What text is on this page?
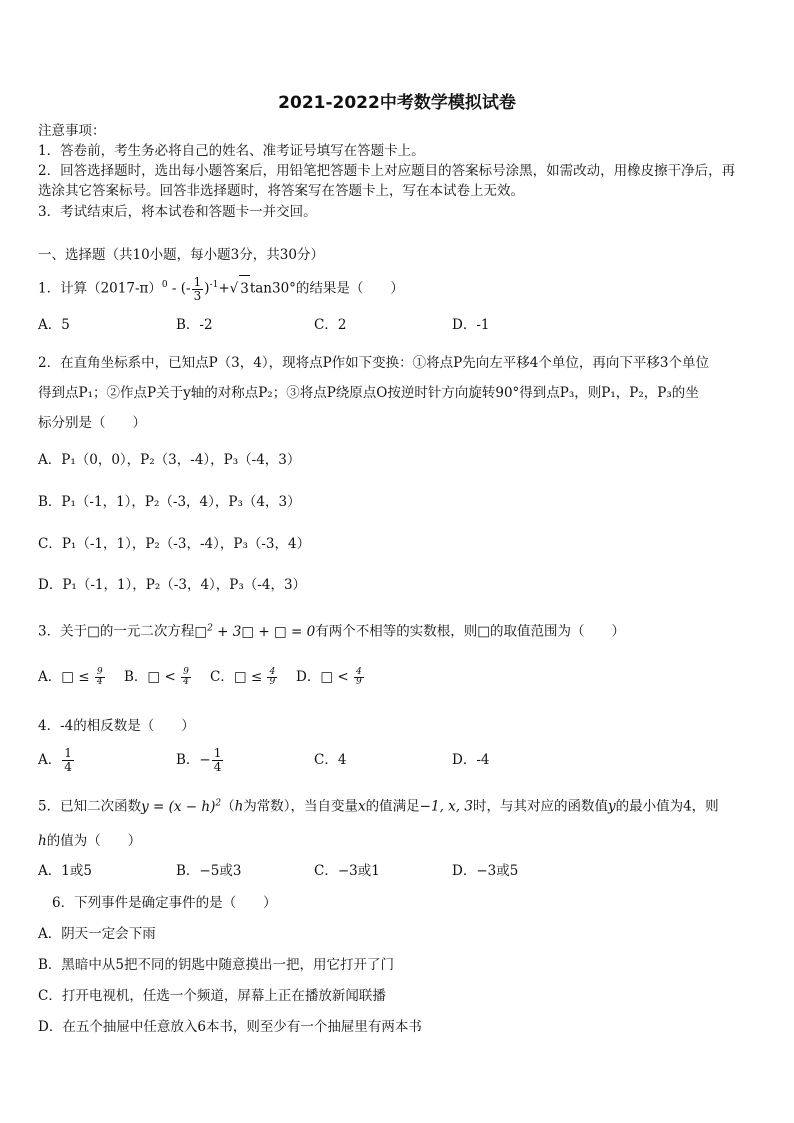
2021-2022中考数学模拟试卷
注意事项：
1．答卷前，考生务必将自己的姓名、准考证号填写在答题卡上。
2．回答选择题时，选出每小题答案后，用铅笔把答题卡上对应题目的答案标号涂黑，如需改动，用橡皮擦干净后，再
选涂其它答案标号。回答非选择题时，将答案写在答题卡上，写在本试卷上无效。
3．考试结束后，将本试卷和答题卡一并交回。
一、选择题（共10小题，每小题3分，共30分）
1．计算$(2017-\pi)^0$ - (- $\frac{1}{3} )^{-1}+√$ 3tan30°的结果是（　　）
A．5	B．-2	C．2	D．-1
2．在直角坐标系中，已知点P（3，4），现将点P作如下变换：①将点P先向左平移4个单位，再向下平移3个单位
得到点P₁；②作点P关于y轴的对称点P₂；③将点P绕原点O按逆时针方向旋转90°得到点P₃，则P₁，P₂，P₃的坐
标分别是（　　）
A．P₁（0，0），P₂（3，-4），P₃（-4，3）
B．P₁（-1，1），P₂（-3，4），P₃（4，3）
C．P₁（-1，1），P₂（-3，-4），P₃（-3，4）
D．P₁（-1，1），P₂（-3，4），P₃（-4，3）
3．关于□的一元二次方程□$^2$ + 3□ + □ = 0有两个不相等的实数根，则□的取值范围为（　　）
A．□ ≤ $\frac{9}{4}$ B．□ < $\frac{9}{4}$ C．□ ≤ $\frac{4}{9}$ D．□ < $\frac{4}{9}$
4．-4的相反数是（　　）
A． $\frac{1}{4}$	B．− $\frac{1}{4}$	C．4	D．-4
5．已知二次函数$y = (x - h)^2(h$为常数），当自变量x的值满足−1, x, 3时，与其对应的函数值y的最小值为4，则
h的值为（　　）
A．1或5	B．−5或3	C．−3或1	D．−3或5
6．下列事件是确定事件的是（　　）
A．阴天一定会下雨
B．黑暗中从5把不同的钥匙中随意摸出一把，用它打开了门
C．打开电视机，任选一个频道，屏幕上正在播放新闻联播
D．在五个抽屉中任意放入6本书，则至少有一个抽屉里有两本书
